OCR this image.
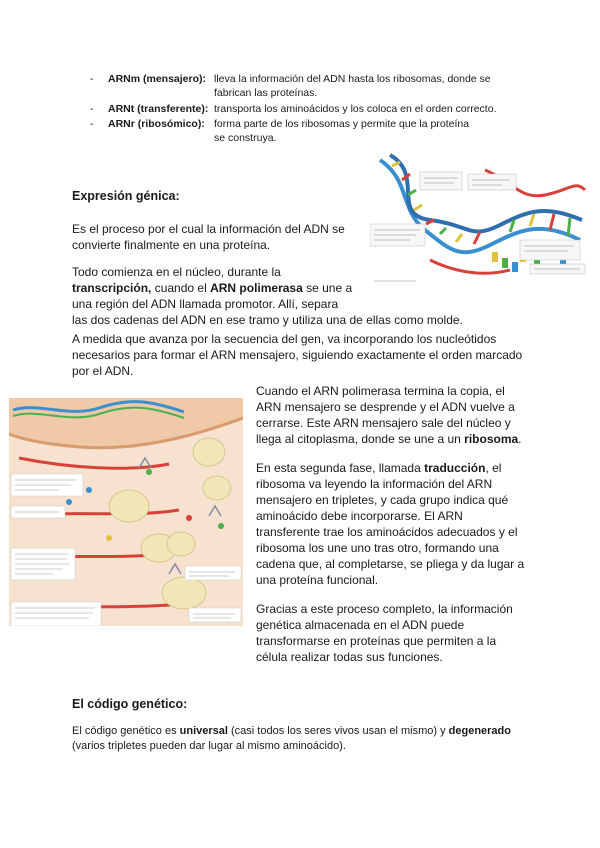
- ARNm (mensajero): lleva la información del ADN hasta los ribosomas, donde se
fabrican las proteínas.
- ARNt (transferente): transporta los aminoácidos y los coloca en el orden correcto.
- ARNr (ribosómico): forma parte de los ribosomas y permite que la proteína
se construya.
Expresión génica:
Es el proceso por el cual la información del ADN se
convierte finalmente en una proteína.
Todo comienza en el núcleo, durante la
transcripción, cuando el ARN polimerasa se une a
una región del ADN llamada promotor. Allí, separa
las dos cadenas del ADN en ese tramo y utiliza una de ellas como molde.
A medida que avanza por la secuencia del gen, va incorporando los nucleótidos
necesarios para formar el ARN mensajero, siguiendo exactamente el orden marcado
por el ADN.
Cuando el ARN polimerasa termina la copia, el
ARN mensajero se desprende y el ADN vuelve a
cerrarse. Este ARN mensajero sale del núcleo y
llega al citoplasma, donde se une a un ribosoma.
En esta segunda fase, llamada traducción, el
ribosoma va leyendo la información del ARN
mensajero en tripletes, y cada grupo indica qué
aminoácido debe incorporarse. El ARN
transferente trae los aminoácidos adecuados y el
ribosoma los une uno tras otro, formando una
cadena que, al completarse, se pliega y da lugar a
una proteína funcional.
Gracias a este proceso completo, la información
genética almacenada en el ADN puede
transformarse en proteínas que permiten a la
célula realizar todas sus funciones.
El código genético:
El código genético es universal (casi todos los seres vivos usan el mismo) y degenerado
(varios tripletes pueden dar lugar al mismo aminoácido).
